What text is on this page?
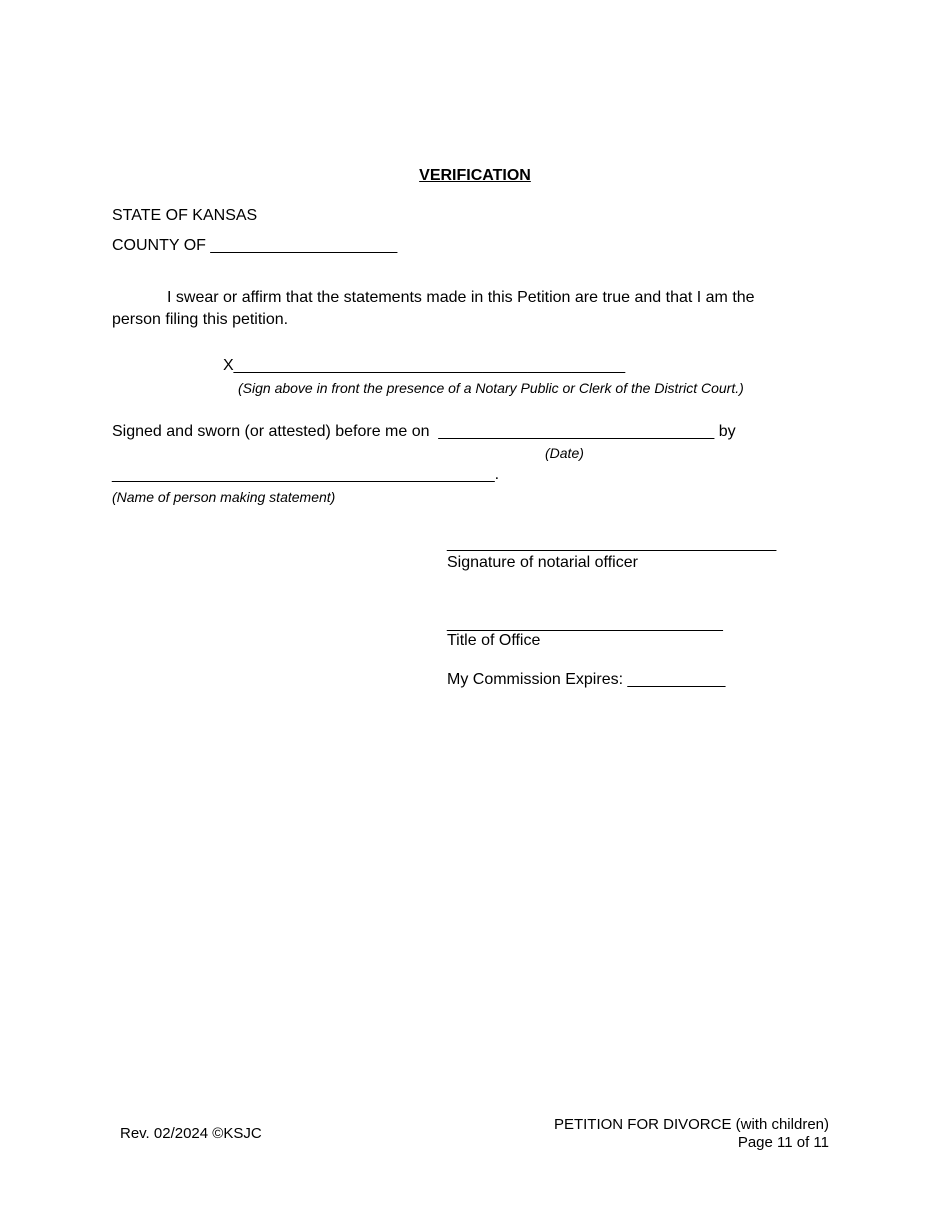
VERIFICATION
STATE OF KANSAS
COUNTY OF _____________________
I swear or affirm that the statements made in this Petition are true and that I am the person filing this petition.
X____________________________________________
(Sign above in front the presence of a Notary Public or Clerk of the District Court.)
Signed and sworn (or attested) before me on  _______________________________ by
(Date)
___________________________________________.
(Name of person making statement)
_____________________________________
Signature of notarial officer
_______________________________
Title of Office
My Commission Expires: ___________
Rev. 02/2024 ©KSJC
PETITION FOR DIVORCE (with children)
Page 11 of 11
